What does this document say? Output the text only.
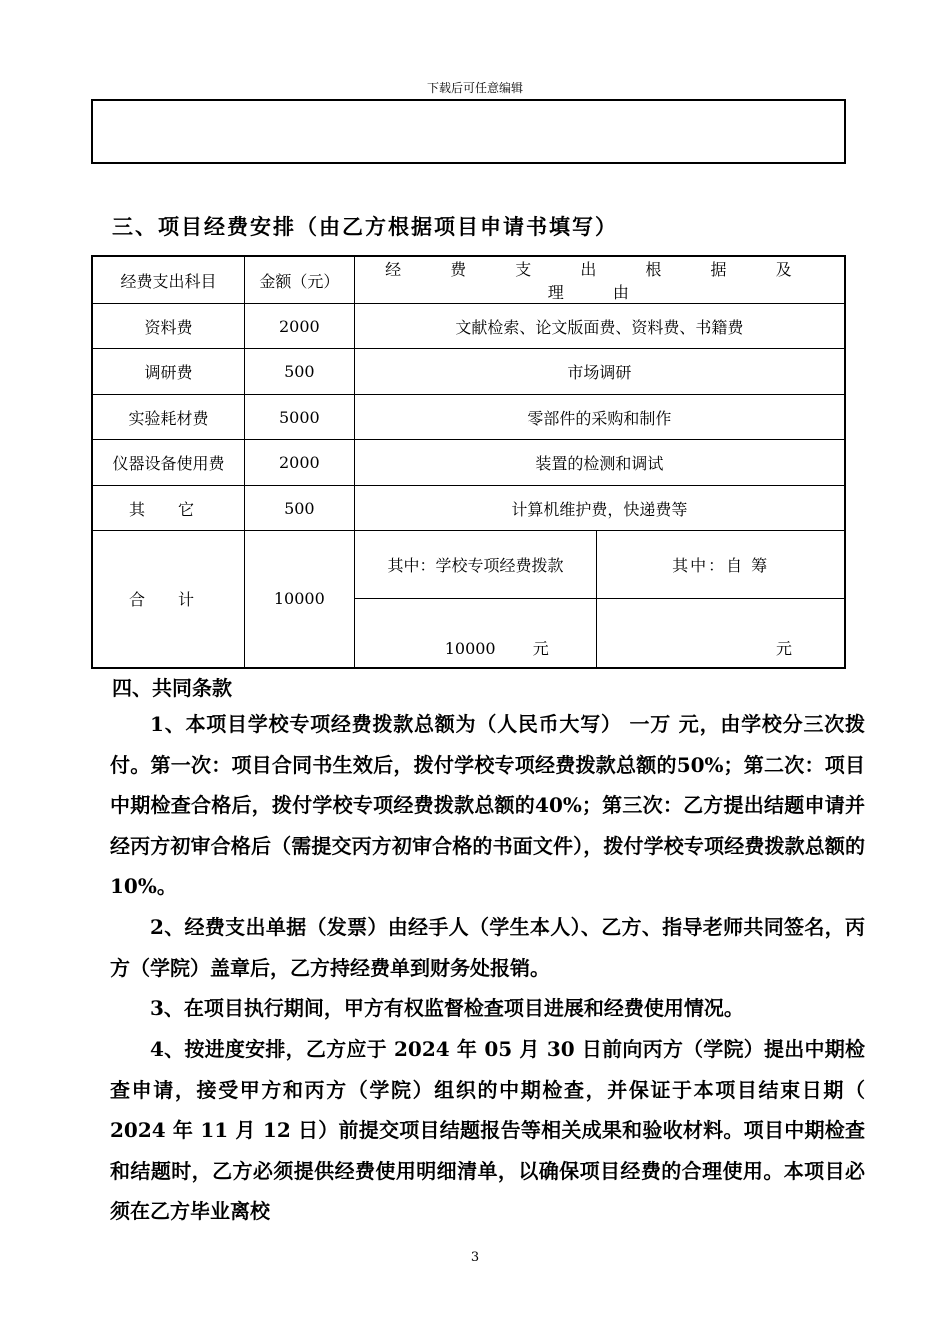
下载后可任意编辑
三、项目经费安排（由乙方根据项目申请书填写）
经费支出科目	金额（元）	经 费 支 出 根 据 及 理 由	
资料费	2000	文献检索、论文版面费、资料费、书籍费	
调研费	500	市场调研	
实验耗材费	5000	零部件的采购和制作	
仪器设备使用费	2000	装置的检测和调试	
其 它	500	计算机维护费，快递费等	
合 计	10000	其中：学校专项经费拨款	其中：自 筹
		10000 元	元
四、共同条款
1、本项目学校专项经费拨款总额为（人民币大写） 一万 元，由学校分三次拨付。第一次：项目合同书生效后，拨付学校专项经费拨款总额的50%；第二次：项目中期检查合格后，拨付学校专项经费拨款总额的40%；第三次：乙方提出结题申请并经丙方初审合格后（需提交丙方初审合格的书面文件），拨付学校专项经费拨款总额的10%。
2、经费支出单据（发票）由经手人（学生本人）、乙方、指导老师共同签名，丙方（学院）盖章后，乙方持经费单到财务处报销。
3、在项目执行期间，甲方有权监督检查项目进展和经费使用情况。
4、按进度安排，乙方应于 2024 年 05 月 30 日前向丙方（学院）提出中期检查申请，接受甲方和丙方（学院）组织的中期检查，并保证于本项目结束日期（ 2024 年 11 月 12 日）前提交项目结题报告等相关成果和验收材料。项目中期检查和结题时，乙方必须提供经费使用明细清单，以确保项目经费的合理使用。本项目必须在乙方毕业离校
3
